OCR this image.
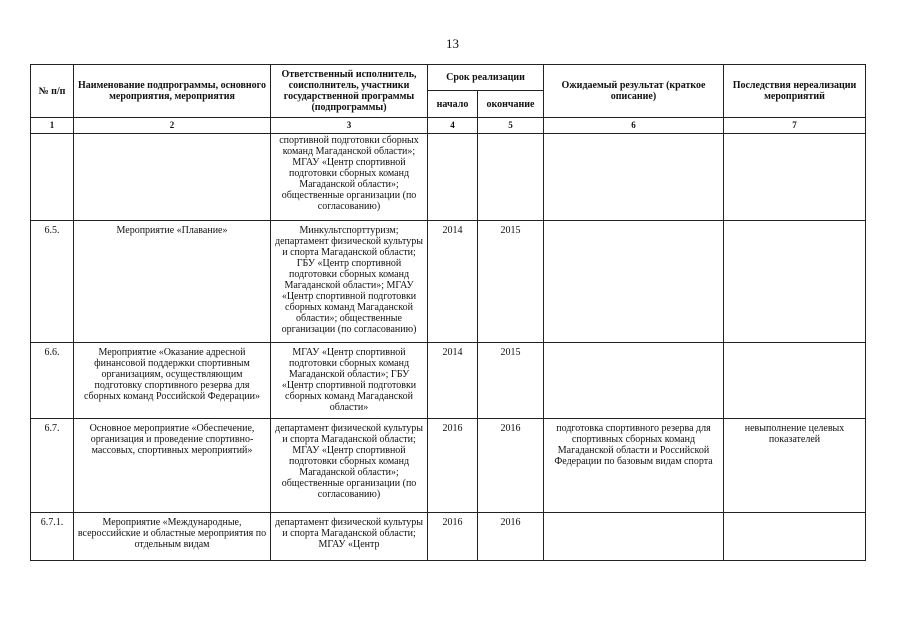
13
№ п/п	Наименование подпрограммы, основного мероприятия, мероприятия	Ответственный исполнитель, соисполнитель, участники государственной программы (подпрограммы)	Срок реализации		Ожидаемый результат (краткое описание)	Последствия нереализации мероприятий
			начало	окончание		
1	2	3	4	5	6	7
		спортивной подготовки сборных команд Магаданской области»; МГАУ «Центр спортивной подготовки сборных команд Магаданской области»; общественные организации (по согласованию)				
6.5.	Мероприятие «Плавание»	Минкультспорттуризм; департамент физической культуры и спорта Магаданской области; ГБУ «Центр спортивной подготовки сборных команд Магаданской области»; МГАУ «Центр спортивной подготовки сборных команд Магаданской области»; общественные организации (по согласованию)	2014	2015		
6.6.	Мероприятие «Оказание адресной финансовой поддержки спортивным организациям, осуществляющим подготовку спортивного резерва для сборных команд Российской Федерации»	МГАУ «Центр спортивной подготовки сборных команд Магаданской области»; ГБУ «Центр спортивной подготовки сборных команд Магаданской области»	2014	2015		
6.7.	Основное мероприятие «Обеспечение, организация и проведение спортивно-массовых, спортивных мероприятий»	департамент физической культуры и спорта Магаданской области; МГАУ «Центр спортивной подготовки сборных команд Магаданской области»; общественные организации (по согласованию)	2016	2016	подготовка спортивного резерва для спортивных сборных команд Магаданской области и Российской Федерации по базовым видам спорта	невыполнение целевых показателей
6.7.1.	Мероприятие «Международные, всероссийские и областные мероприятия по отдельным видам	департамент физической культуры и спорта Магаданской области; МГАУ «Центр	2016	2016		
